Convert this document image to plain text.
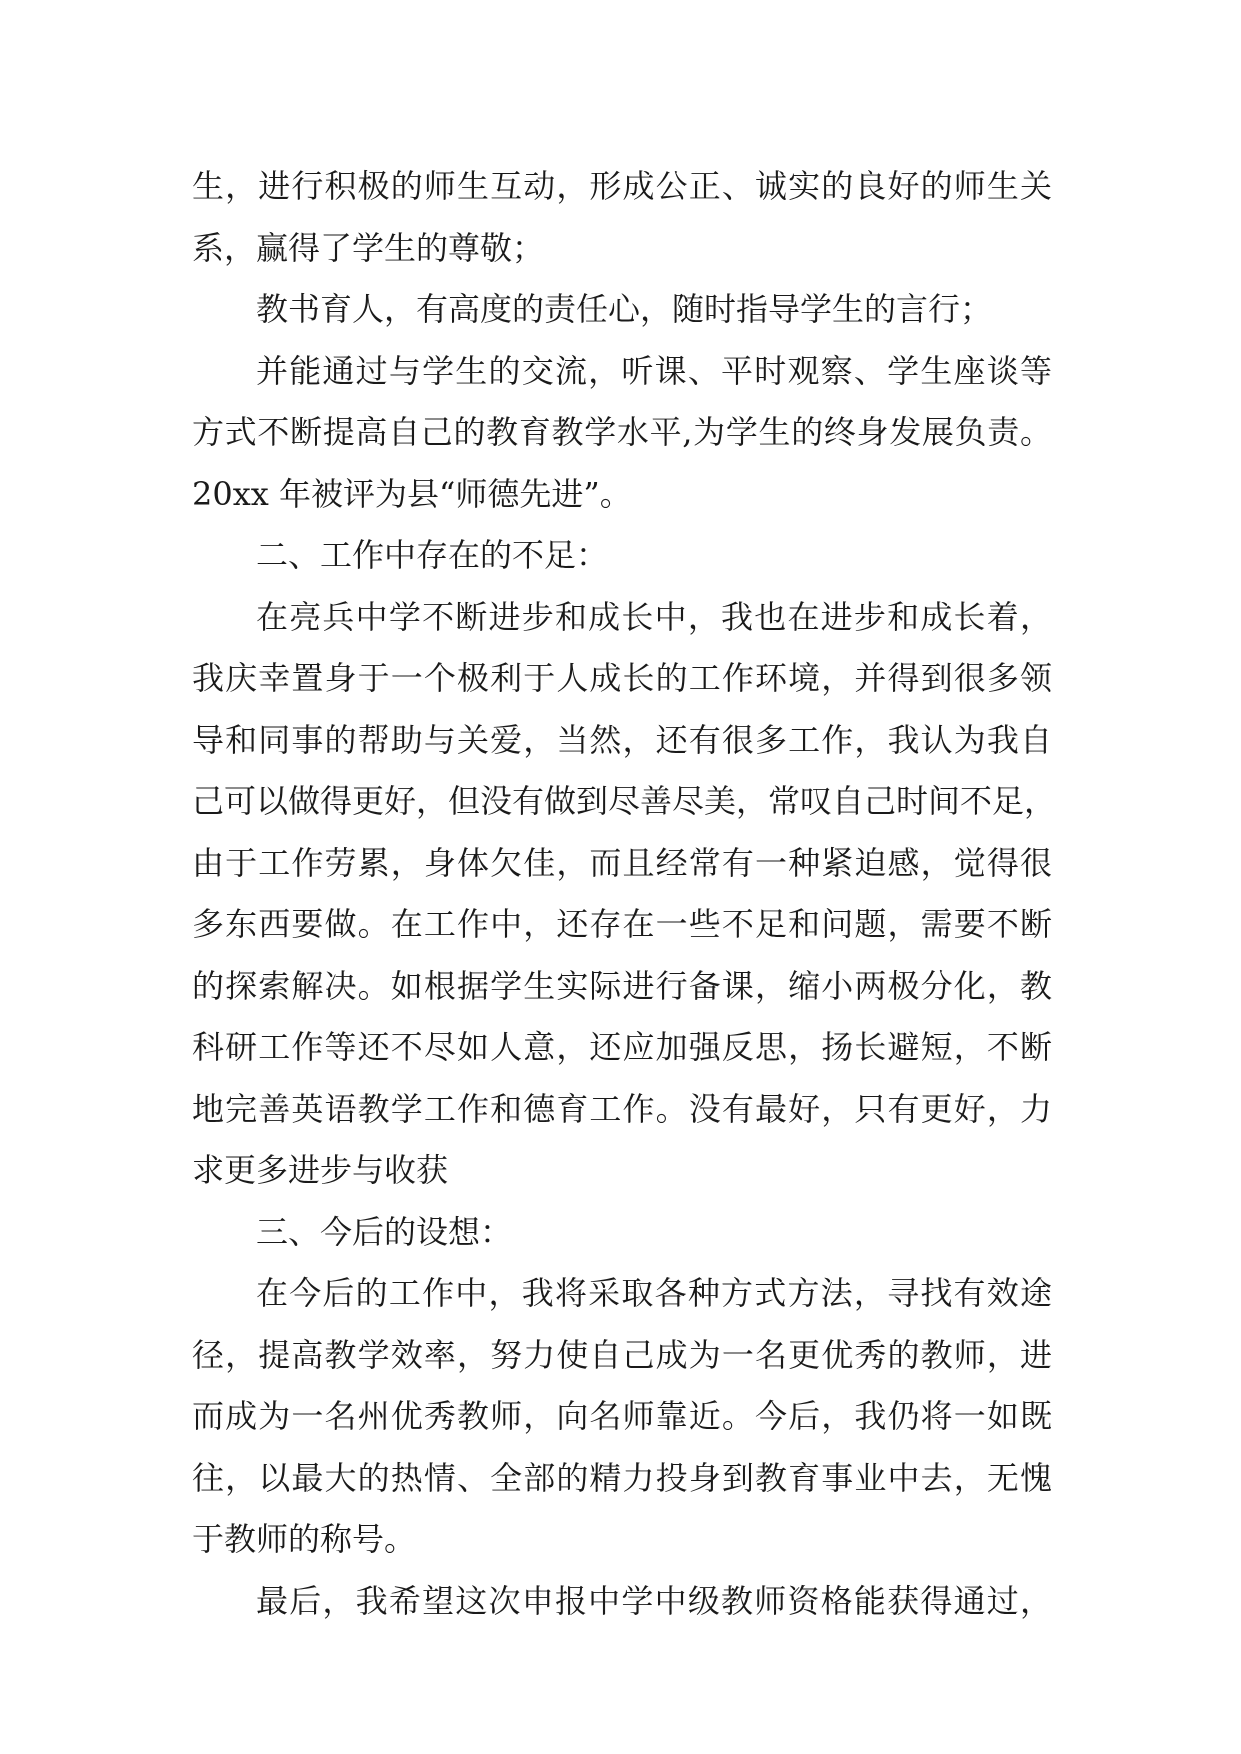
生，进行积极的师生互动，形成公正、诚实的良好的师生关
系，赢得了学生的尊敬；
教书育人，有高度的责任心，随时指导学生的言行；
并能通过与学生的交流，听课、平时观察、学生座谈等
方式不断提高自己的教育教学水平,为学生的终身发展负责。
20xx 年被评为县“师德先进”。
二、工作中存在的不足：
在亮兵中学不断进步和成长中，我也在进步和成长着，
我庆幸置身于一个极利于人成长的工作环境，并得到很多领
导和同事的帮助与关爱，当然，还有很多工作，我认为我自
己可以做得更好，但没有做到尽善尽美，常叹自己时间不足，
由于工作劳累，身体欠佳，而且经常有一种紧迫感，觉得很
多东西要做。在工作中，还存在一些不足和问题，需要不断
的探索解决。如根据学生实际进行备课，缩小两极分化，教
科研工作等还不尽如人意，还应加强反思，扬长避短，不断
地完善英语教学工作和德育工作。没有最好，只有更好，力
求更多进步与收获
三、今后的设想：
在今后的工作中，我将采取各种方式方法，寻找有效途
径，提高教学效率，努力使自己成为一名更优秀的教师，进
而成为一名州优秀教师，向名师靠近。今后，我仍将一如既
往，以最大的热情、全部的精力投身到教育事业中去，无愧
于教师的称号。
最后，我希望这次申报中学中级教师资格能获得通过，
